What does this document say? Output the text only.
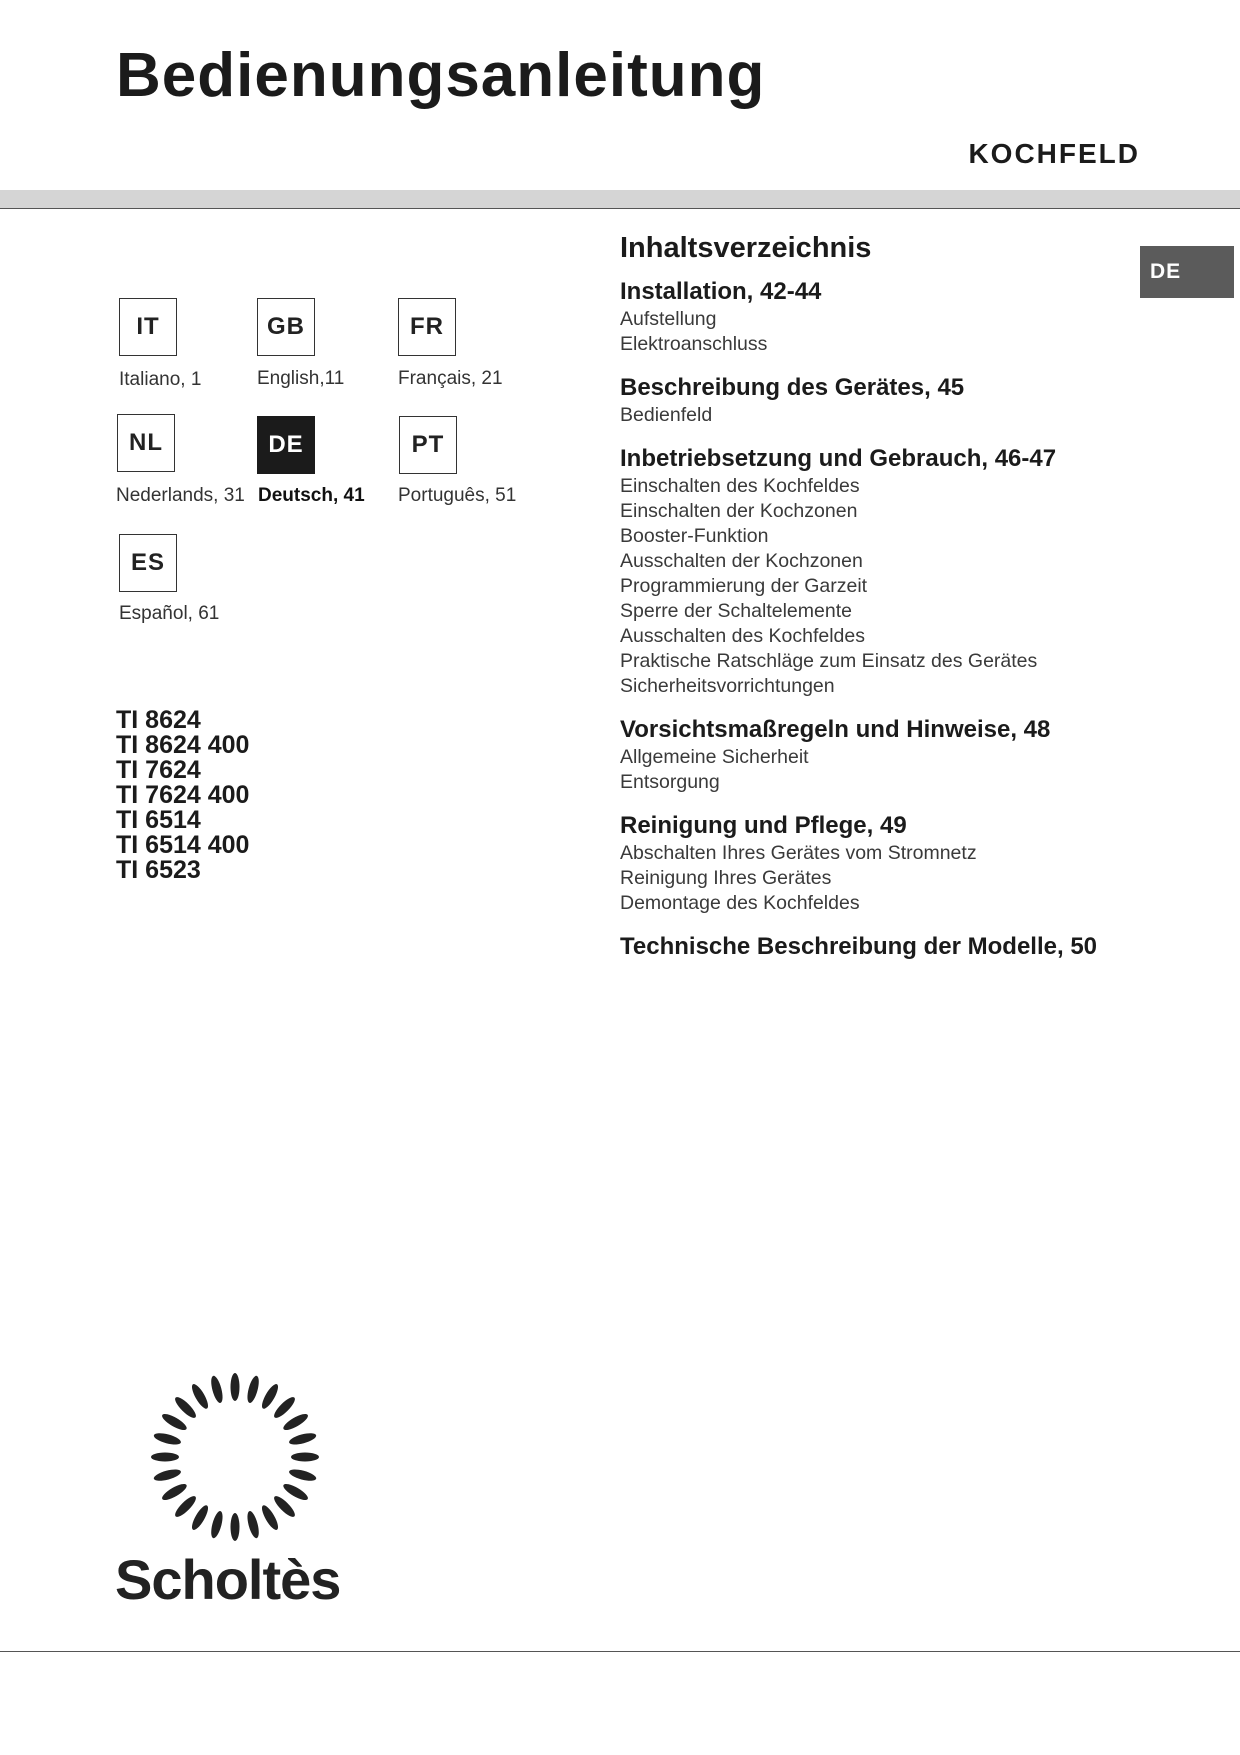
Bedienungsanleitung
KOCHFELD
DE
IT
Italiano, 1
GB
English,11
FR
Français, 21
NL
Nederlands, 31
DE
Deutsch, 41
PT
Português, 51
ES
Español, 61
TI 8624
TI 8624 400
TI 7624
TI 7624 400
TI 6514
TI 6514 400
TI 6523
Inhaltsverzeichnis
Installation, 42-44
Aufstellung
Elektroanschluss
Beschreibung des Gerätes, 45
Bedienfeld
Inbetriebsetzung und Gebrauch, 46-47
Einschalten des Kochfeldes
Einschalten der Kochzonen
Booster-Funktion
Ausschalten der Kochzonen
Programmierung der Garzeit
Sperre der Schaltelemente
Ausschalten des Kochfeldes
Praktische Ratschläge zum Einsatz des Gerätes
Sicherheitsvorrichtungen
Vorsichtsmaßregeln und Hinweise, 48
Allgemeine Sicherheit
Entsorgung
Reinigung und Pflege, 49
Abschalten Ihres Gerätes vom Stromnetz
Reinigung Ihres Gerätes
Demontage des Kochfeldes
Technische Beschreibung der Modelle, 50
Scholtès
